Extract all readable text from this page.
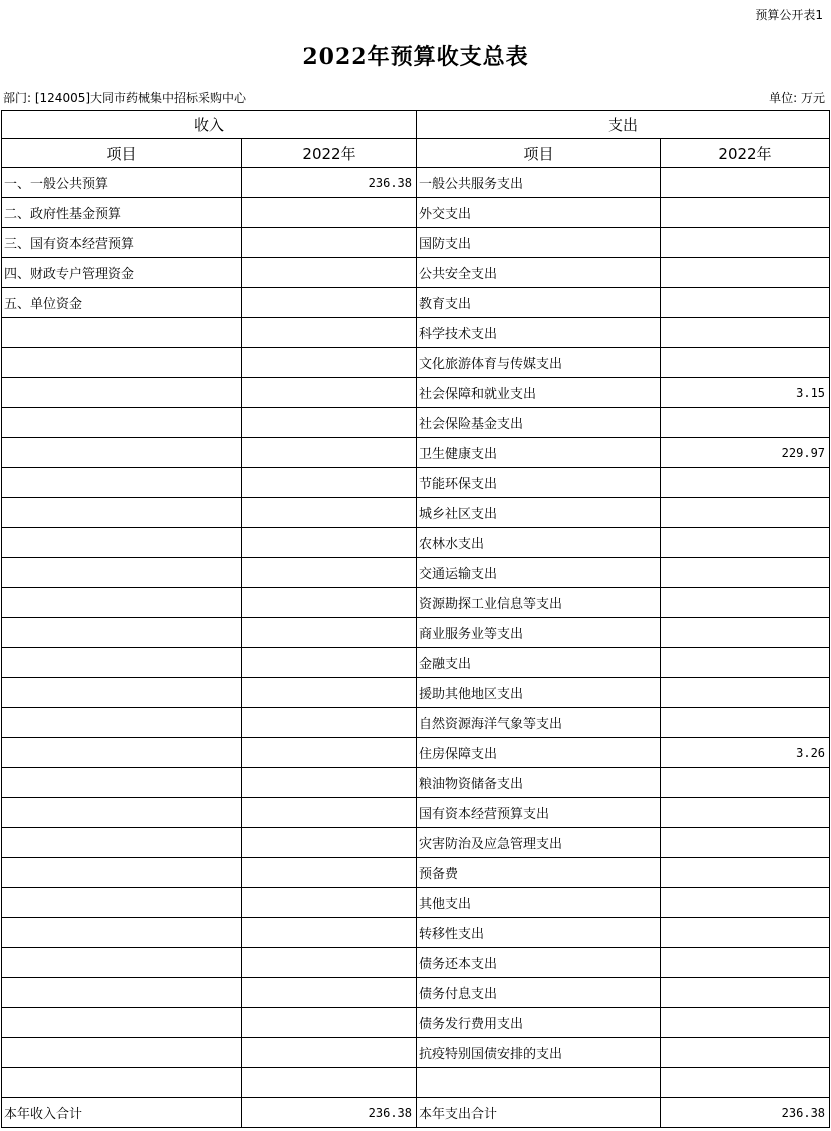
预算公开表1
2022年预算收支总表
部门: [124005]大同市药械集中招标采购中心	单位: 万元
收入		支出	
项目	2022年	项目	2022年
一、一般公共预算	236.38	一般公共服务支出	
二、政府性基金预算		外交支出	
三、国有资本经营预算		国防支出	
四、财政专户管理资金		公共安全支出	
五、单位资金		教育支出	
		科学技术支出	
		文化旅游体育与传媒支出	
		社会保障和就业支出	3.15
		社会保险基金支出	
		卫生健康支出	229.97
		节能环保支出	
		城乡社区支出	
		农林水支出	
		交通运输支出	
		资源勘探工业信息等支出	
		商业服务业等支出	
		金融支出	
		援助其他地区支出	
		自然资源海洋气象等支出	
		住房保障支出	3.26
		粮油物资储备支出	
		国有资本经营预算支出	
		灾害防治及应急管理支出	
		预备费	
		其他支出	
		转移性支出	
		债务还本支出	
		债务付息支出	
		债务发行费用支出	
		抗疫特别国债安排的支出	

本年收入合计	236.38	本年支出合计	236.38
